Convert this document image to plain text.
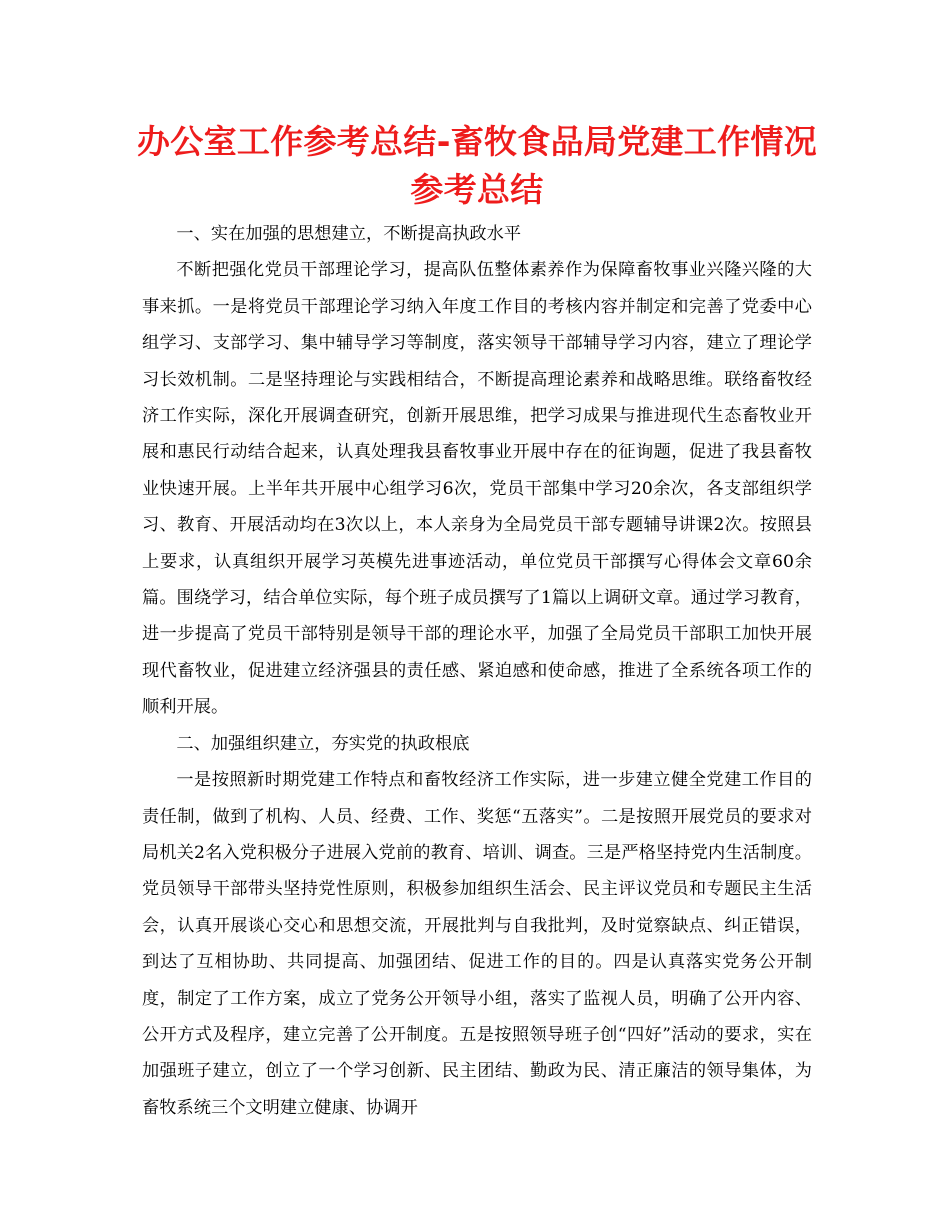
办公室工作参考总结-畜牧食品局党建工作情况参考总结

一、实在加强的思想建立，不断提高执政水平

不断把强化党员干部理论学习，提高队伍整体素养作为保障畜牧事业兴隆兴隆的大事来抓。一是将党员干部理论学习纳入年度工作目的考核内容并制定和完善了党委中心组学习、支部学习、集中辅导学习等制度，落实领导干部辅导学习内容，建立了理论学习长效机制。二是坚持理论与实践相结合，不断提高理论素养和战略思维。联络畜牧经济工作实际，深化开展调查研究，创新开展思维，把学习成果与推进现代生态畜牧业开展和惠民行动结合起来，认真处理我县畜牧事业开展中存在的征询题，促进了我县畜牧业快速开展。上半年共开展中心组学习6次，党员干部集中学习20余次，各支部组织学习、教育、开展活动均在3次以上，本人亲身为全局党员干部专题辅导讲课2次。按照县上要求，认真组织开展学习英模先进事迹活动，单位党员干部撰写心得体会文章60余篇。围绕学习，结合单位实际，每个班子成员撰写了1篇以上调研文章。通过学习教育，进一步提高了党员干部特别是领导干部的理论水平，加强了全局党员干部职工加快开展现代畜牧业，促进建立经济强县的责任感、紧迫感和使命感，推进了全系统各项工作的顺利开展。

二、加强组织建立，夯实党的执政根底

一是按照新时期党建工作特点和畜牧经济工作实际，进一步建立健全党建工作目的责任制，做到了机构、人员、经费、工作、奖惩“五落实”。二是按照开展党员的要求对局机关2名入党积极分子进展入党前的教育、培训、调查。三是严格坚持党内生活制度。党员领导干部带头坚持党性原则，积极参加组织生活会、民主评议党员和专题民主生活会，认真开展谈心交心和思想交流，开展批判与自我批判，及时觉察缺点、纠正错误，到达了互相协助、共同提高、加强团结、促进工作的目的。四是认真落实党务公开制度，制定了工作方案，成立了党务公开领导小组，落实了监视人员，明确了公开内容、公开方式及程序，建立完善了公开制度。五是按照领导班子创“四好”活动的要求，实在加强班子建立，创立了一个学习创新、民主团结、勤政为民、清正廉洁的领导集体，为畜牧系统三个文明建立健康、协调开
